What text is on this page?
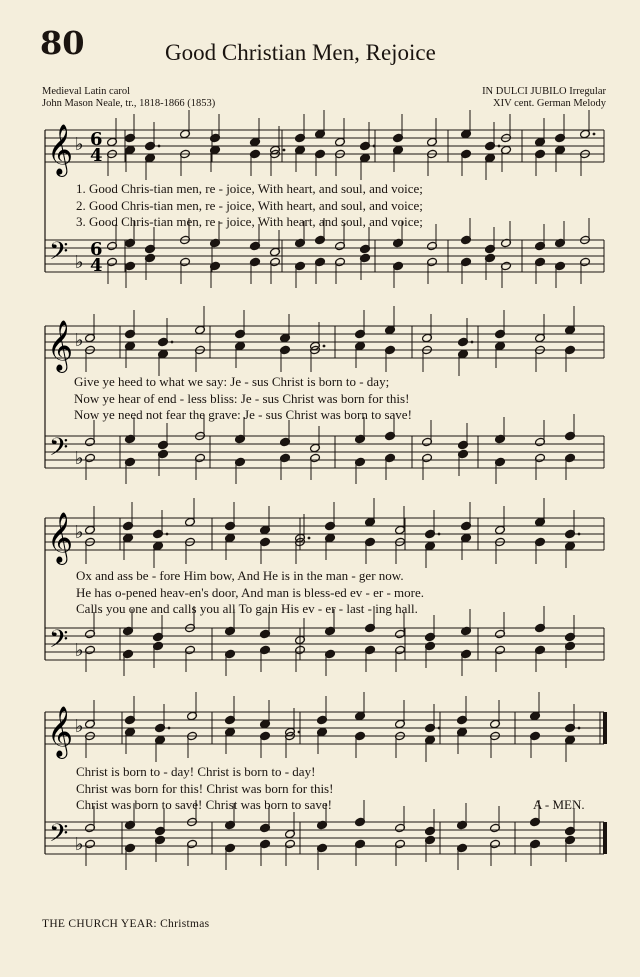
80	Good Christian Men, Rejoice
Medieval Latin carol
John Mason Neale, tr., 1818-1866 (1853)
IN DULCI JUBILO Irregular
XIV cent. German Melody
𝄞
𝄢
♭
♭
6
4
6
4
1. Good Chris-tian men, re - joice, With heart, and soul, and voice;
2. Good Chris-tian men, re - joice, With heart, and soul, and voice;
3. Good Chris-tian men, re - joice, With heart, and soul, and voice;
𝄞
𝄢
♭
♭
Give ye heed to what we say: Je - sus Christ is born to - day;
Now ye hear of end - less bliss: Je - sus Christ was born for this!
Now ye need not fear the grave: Je - sus Christ was born to save!
𝄞
𝄢
♭
♭
Ox and ass be - fore Him bow, And He is in the man - ger now.
He has o-pened heav-en's door, And man is bless-ed ev - er - more.
Calls you one and calls you all To gain His ev - er - last - ing hall.
𝄞
𝄢
♭
♭
Christ is born to - day! Christ is born to - day!
Christ was born for this! Christ was born for this!
Christ was born to save! Christ was born to save!	A - MEN.
THE CHURCH YEAR: Christmas
